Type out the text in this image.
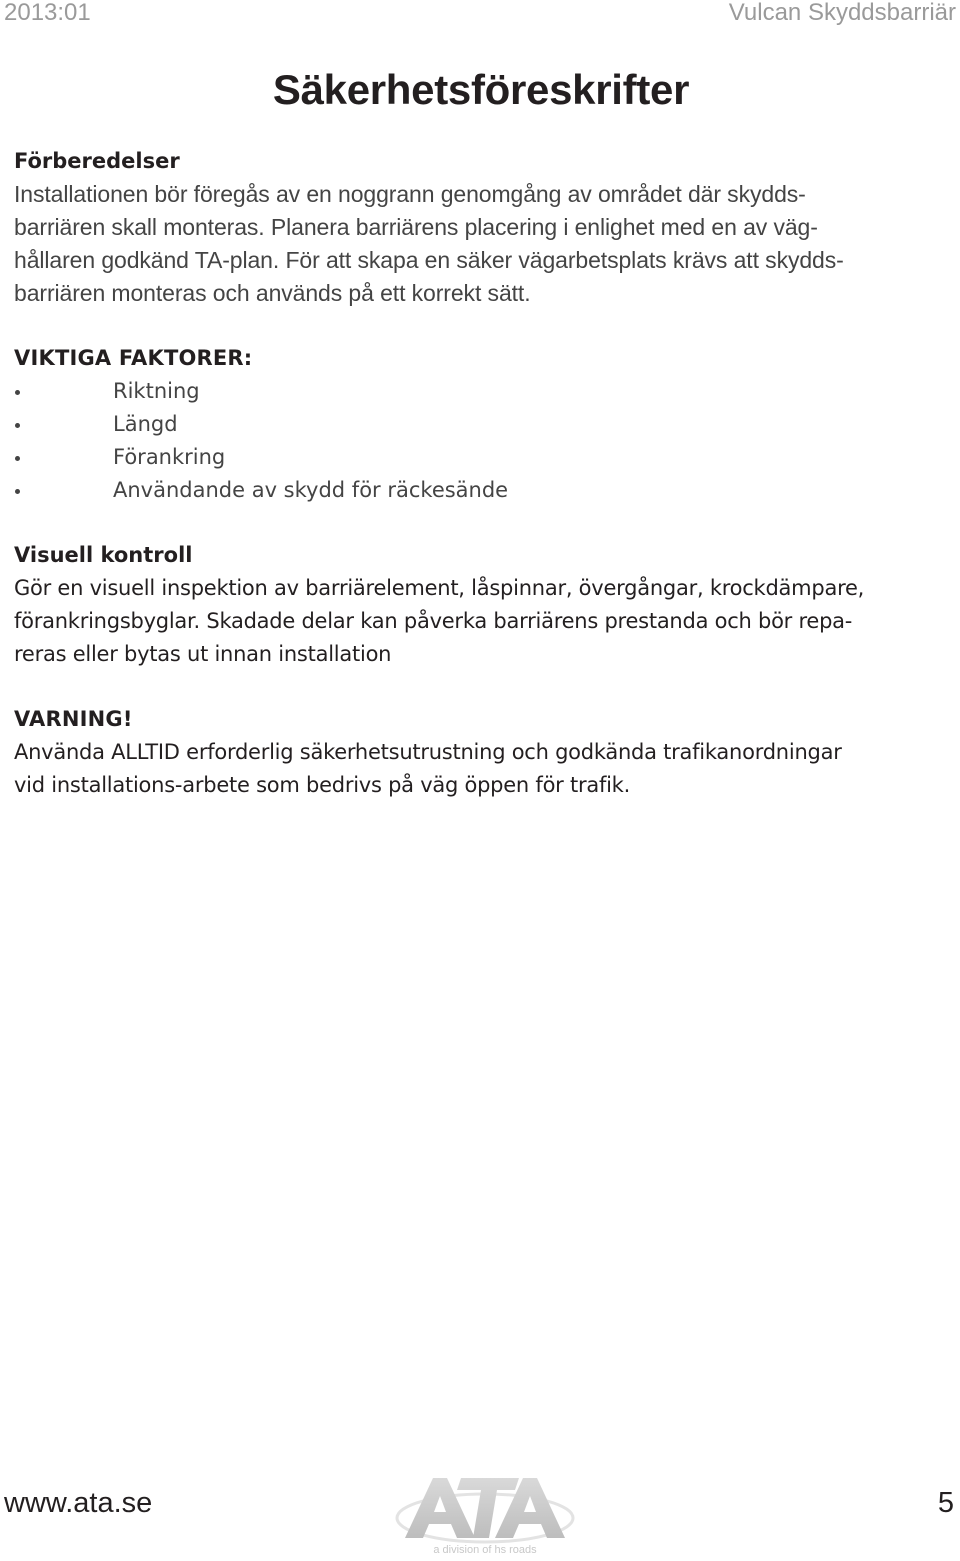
2013:01	Vulcan Skyddsbarriär
Säkerhetsföreskrifter
Förberedelser

Installationen bör föregås av en noggrann genomgång av området där skydds-
barriären skall monteras. Planera barriärens placering i enlighet med en av väg-
hållaren godkänd TA-plan. För att skapa en säker vägarbetsplats krävs att skydds-
barriären monteras och används på ett korrekt sätt.

VIKTIGA FAKTORER:
Riktning
Längd
Förankring
Användande av skydd för räckesände
Visuell kontroll

Gör en visuell inspektion av barriärelement, låspinnar, övergångar, krockdämpare,
förankringsbyglar. Skadade delar kan påverka barriärens prestanda och bör repa-
reras eller bytas ut innan installation

VARNING!

Använda ALLTID erforderlig säkerhetsutrustning och godkända trafikanordningar
vid installations-arbete som bedrivs på väg öppen för trafik.

www.ata.se
a division of hs roads
5
